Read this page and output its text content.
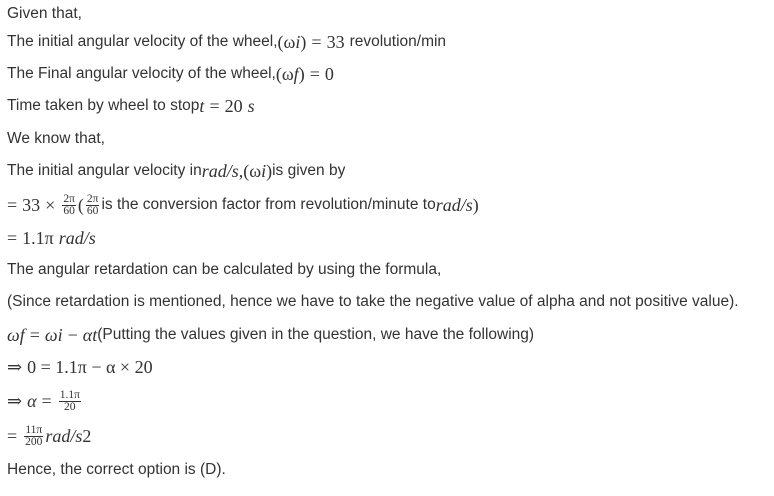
Given that,
The initial angular velocity of the wheel, (ω i ) = 33 revolution/min
The Final angular velocity of the wheel, (ω f ) = 0
Time taken by wheel to stop t = 20 s
We know that,
The initial angular velocity in rad/s , (ω i ) is given by
= $33 \times \frac{2\pi}{60}$ ( $\frac{2\pi}{60}$ is the conversion factor from revolution/minute to rad/s )
= 1.1π rad/s
The angular retardation can be calculated by using the formula,
(Since retardation is mentioned, hence we have to take the negative value of alpha and not positive value).
ω f = ω i − αt (Putting the values given in the question, we have the following)
⇒ 0 = 1.1π − α × 20
⇒ $\alpha = \frac{1.1\pi}{20}$
= $\frac{11\pi}{200} rad/s$ 2
Hence, the correct option is (D).
